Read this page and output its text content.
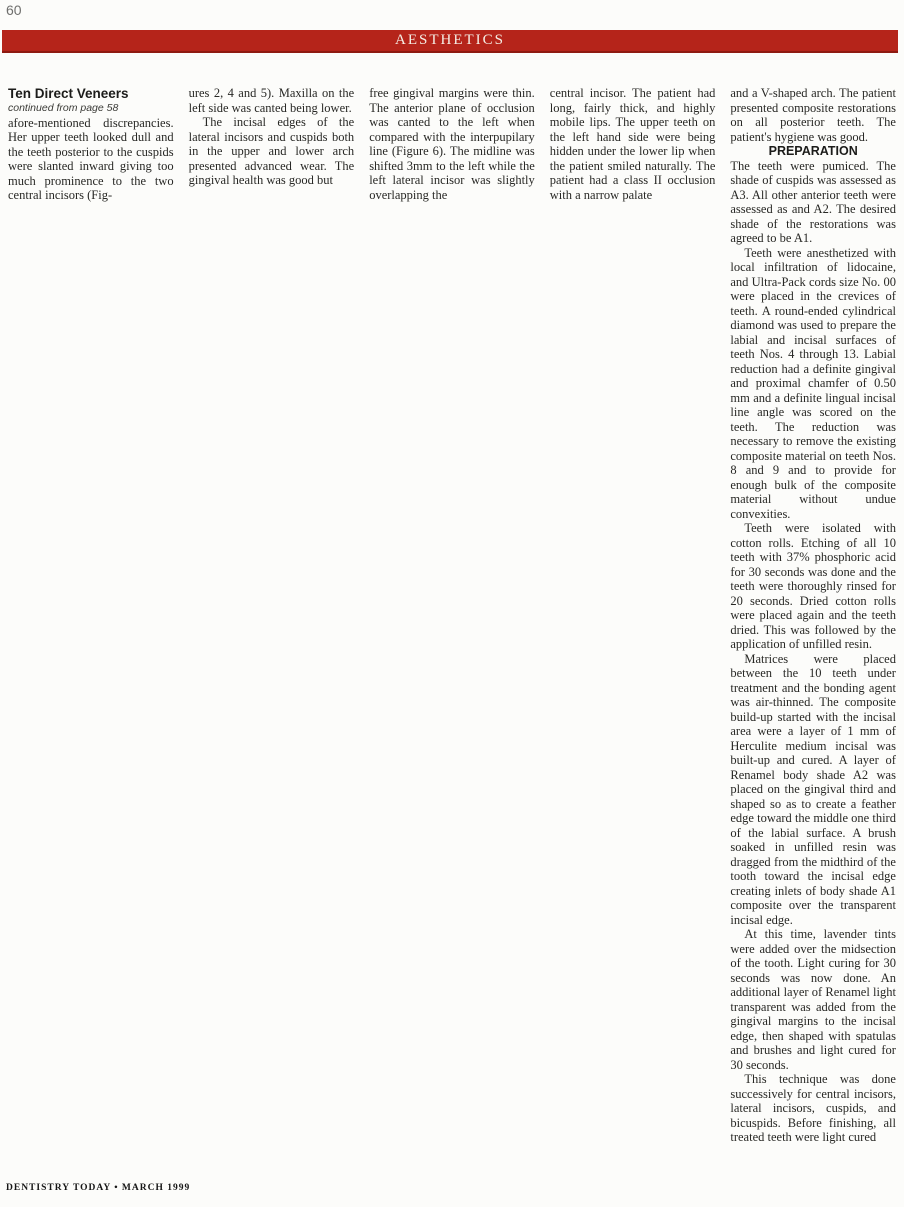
60
AESTHETICS

Ten Direct Veneers

continued from page 58

afore-mentioned discrepancies. Her upper teeth looked dull and the teeth posterior to the cuspids were slanted inward giving too much prominence to the two central incisors (Fig-

ures 2, 4 and 5). Maxilla on the left side was canted being lower.

The incisal edges of the lateral incisors and cuspids both in the upper and lower arch presented advanced wear. The gingival health was good but

free gingival margins were thin. The anterior plane of occlusion was canted to the left when compared with the interpupilary line (Figure 6). The midline was shifted 3mm to the left while the left lateral incisor was slightly overlapping the

central incisor. The patient had long, fairly thick, and highly mobile lips. The upper teeth on the left hand side were being hidden under the lower lip when the patient smiled naturally. The patient had a class II occlusion with a narrow palate

and a V-shaped arch. The patient presented composite restorations on all posterior teeth. The patient's hygiene was good.

PREPARATION

The teeth were pumiced. The shade of cuspids was assessed as A3. All other anterior teeth were assessed as and A2. The desired shade of the restorations was agreed to be A1.

Teeth were anesthetized with local infiltration of lidocaine, and Ultra-Pack cords size No. 00 were placed in the crevices of teeth. A round-ended cylindrical diamond was used to prepare the labial and incisal surfaces of teeth Nos. 4 through 13. Labial reduction had a definite gingival and proximal chamfer of 0.50 mm and a definite lingual incisal line angle was scored on the teeth. The reduction was necessary to remove the existing composite material on teeth Nos. 8 and 9 and to provide for enough bulk of the composite material without undue convexities.

Teeth were isolated with cotton rolls. Etching of all 10 teeth with 37% phosphoric acid for 30 seconds was done and the teeth were thoroughly rinsed for 20 seconds. Dried cotton rolls were placed again and the teeth dried. This was followed by the application of unfilled resin.

Matrices were placed between the 10 teeth under treatment and the bonding agent was air-thinned. The composite build-up started with the incisal area were a layer of 1 mm of Herculite medium incisal was built-up and cured. A layer of Renamel body shade A2 was placed on the gingival third and shaped so as to create a feather edge toward the middle one third of the labial surface. A brush soaked in unfilled resin was dragged from the midthird of the tooth toward the incisal edge creating inlets of body shade A1 composite over the transparent incisal edge.

At this time, lavender tints were added over the midsection of the tooth. Light curing for 30 seconds was now done. An additional layer of Renamel light transparent was added from the gingival margins to the incisal edge, then shaped with spatulas and brushes and light cured for 30 seconds.

This technique was done successively for central incisors, lateral incisors, cuspids, and bicuspids. Before finishing, all treated teeth were light cured

DENTISTRY TODAY • MARCH 1999
